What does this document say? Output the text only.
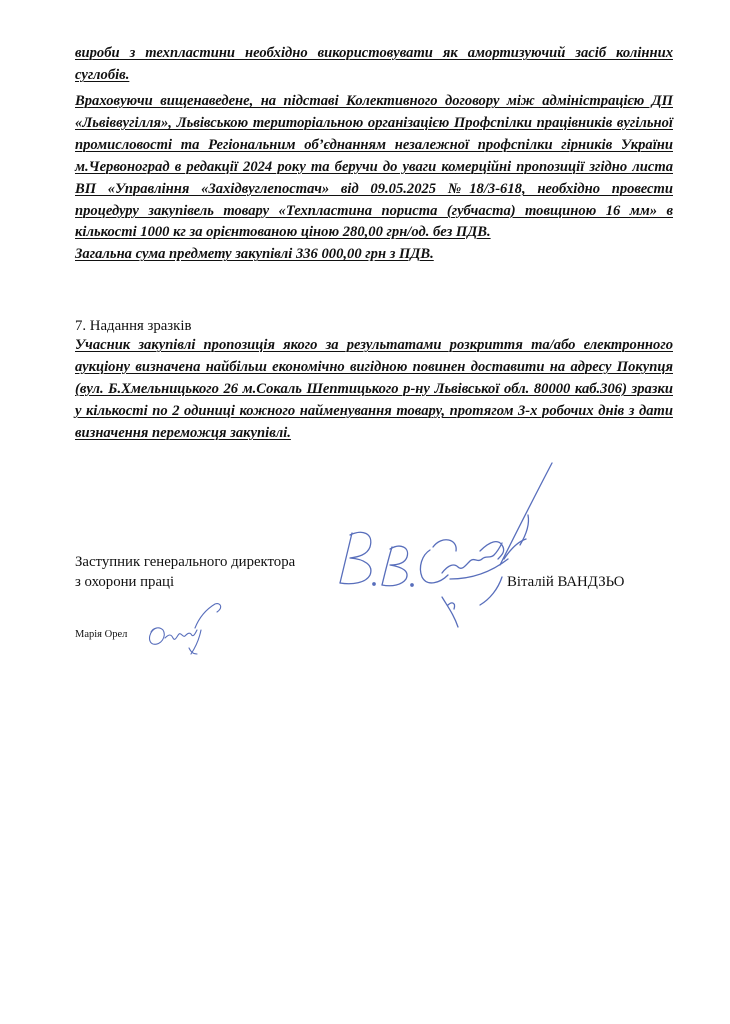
вироби з техпластини необхідно використовувати як амортизуючий засіб колінних суглобів.

Враховуючи вищенаведене, на підставі Колективного договору між адміністрацією ДП «Львіввугілля», Львівською територіальною організацією Профспілки працівників вугільної промисловості та Регіональним об’єднанням незалежної профспілки гірників України м.Червоноград в редакції 2024 року та беручи до уваги комерційні пропозиції згідно листа ВП «Управління «Західвуглепостач» від 09.05.2025 №18/3-618, необхідно провести процедуру закупівель товару «Техпластина пориста (губчаста) товщиною 16 мм» в кількості 1000 кг за орієнтованою ціною 280,00 грн/од. без ПДВ.

Загальна сума предмету закупівлі 336 000,00 грн з ПДВ.

7. Надання зразків

Учасник закупівлі пропозиція якого за результатами розкриття та/або електронного аукціону визначена найбільш економічно вигідною повинен доставити на адресу Покупця (вул. Б.Хмельницького 26 м.Сокаль Шептицького р-ну Львівської обл. 80000 каб.306) зразки у кількості по 2 одиниці кожного найменування товару, протягом 3-х робочих днів з дати визначення переможця закупівлі.

Заступник генерального директора
з охорони праці	Віталій ВАНДЗЬО
Марія Орел
